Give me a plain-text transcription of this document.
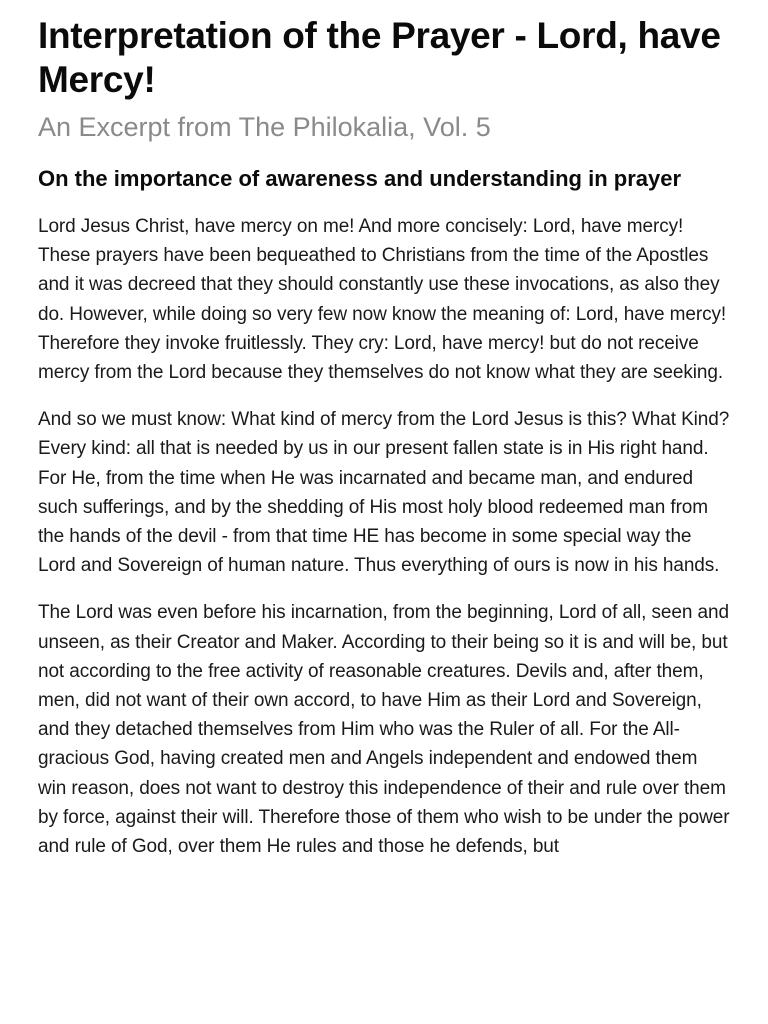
Interpretation of the Prayer - Lord, have Mercy!
An Excerpt from The Philokalia, Vol. 5
On the importance of awareness and understanding in prayer

Lord Jesus Christ, have mercy on me! And more concisely: Lord, have mercy! These prayers have been bequeathed to Christians from the time of the Apostles and it was decreed that they should constantly use these invocations, as also they do. However, while doing so very few now know the meaning of: Lord, have mercy! Therefore they invoke fruitlessly. They cry: Lord, have mercy! but do not receive mercy from the Lord because they themselves do not know what they are seeking.

And so we must know: What kind of mercy from the Lord Jesus is this? What Kind? Every kind: all that is needed by us in our present fallen state is in His right hand. For He, from the time when He was incarnated and became man, and endured such sufferings, and by the shedding of His most holy blood redeemed man from the hands of the devil - from that time HE has become in some special way the Lord and Sovereign of human nature. Thus everything of ours is now in his hands.

The Lord was even before his incarnation, from the beginning, Lord of all, seen and unseen, as their Creator and Maker. According to their being so it is and will be, but not according to the free activity of reasonable creatures. Devils and, after them, men, did not want of their own accord, to have Him as their Lord and Sovereign, and they detached themselves from Him who was the Ruler of all. For the All-gracious God, having created men and Angels independent and endowed them win reason, does not want to destroy this independence of their and rule over them by force, against their will. Therefore those of them who wish to be under the power and rule of God, over them He rules and those he defends, but
